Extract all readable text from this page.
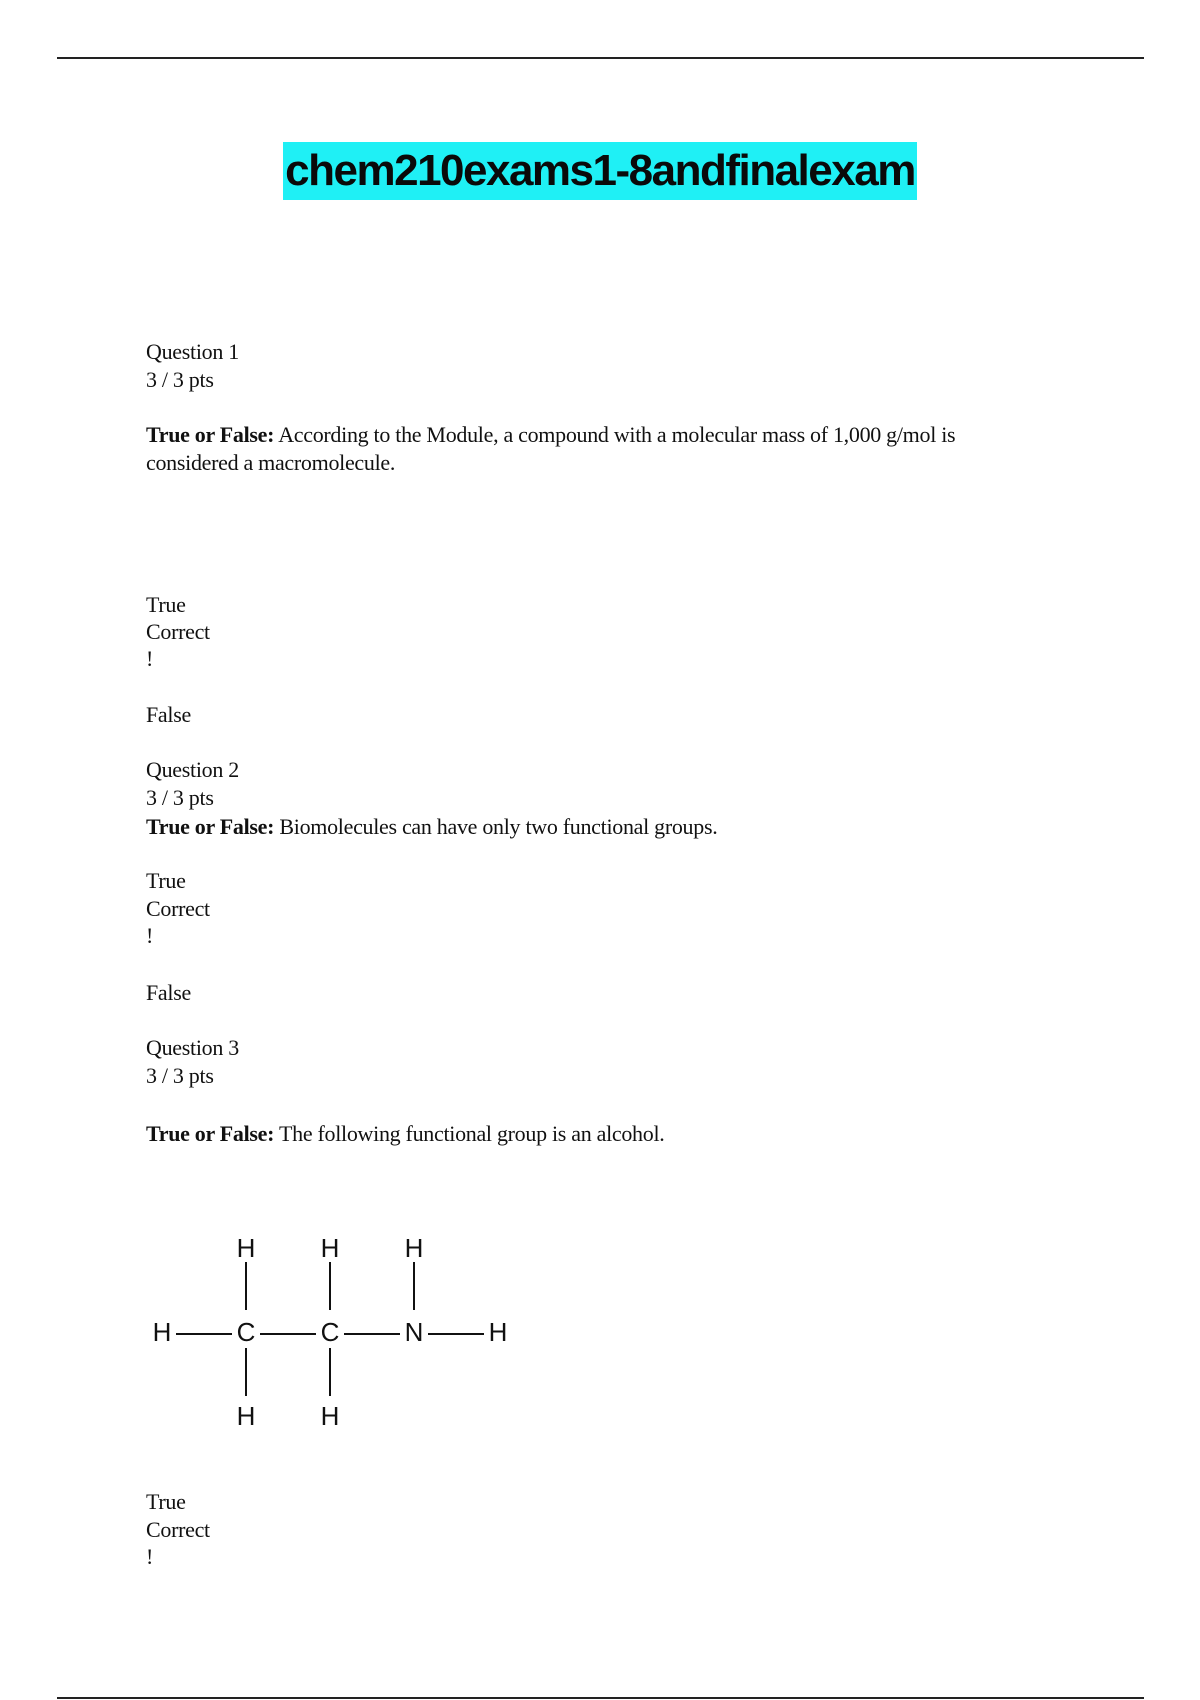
chem210exams1-8andfinalexam
Question 1
3 / 3 pts
True or False: According to the Module, a compound with a molecular mass of 1,000 g/mol is considered a macromolecule.
True
Correct
!
False
Question 2
3 / 3 pts
True or False: Biomolecules can have only two functional groups.
True
Correct
!
False
Question 3
3 / 3 pts
True or False: The following functional group is an alcohol.
H	H	H
H	C	C	N	H
H	H
True
Correct
!
